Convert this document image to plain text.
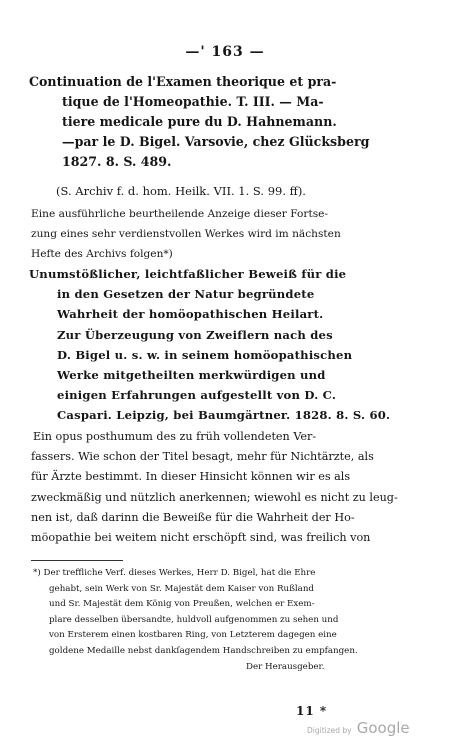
—' 163 —
Continuation de l'Examen theorique et pra-
tique de l'Homeopathie. T. III. — Ma-
tiere medicale pure du D. Hahnemann.
—par le D. Bigel. Varsovie, chez Glücksberg
1827. 8. S. 489.
(S. Archiv f. d. hom. Heilk. VII. 1. S. 99. ff).
Eine ausführliche beurtheilende Anzeige dieser Fortse-
zung eines sehr verdienstvollen Werkes wird im nächsten
Hefte des Archivs folgen*)
Unumstößlicher, leichtfaßlicher Beweiß für die
in den Gesetzen der Natur begründete
Wahrheit der homöopathischen Heilart.
Zur Überzeugung von Zweiflern nach des
D. Bigel u. s. w. in seinem homöopathischen
Werke mitgetheilten merkwürdigen und
einigen Erfahrungen aufgestellt von D. C.
Caspari. Leipzig, bei Baumgärtner. 1828. 8. S. 60.
Ein opus posthumum des zu früh vollendeten Ver-
fassers. Wie schon der Titel besagt, mehr für Nichtärzte, als
für Ärzte bestimmt. In dieser Hinsicht können wir es als
zweckmäßig und nützlich anerkennen; wiewohl es nicht zu leug-
nen ist, daß darinn die Beweiße für die Wahrheit der Ho-
möopathie bei weitem nicht erschöpft sind, was freilich von
*) Der treffliche Verf. dieses Werkes, Herr D. Bigel, hat die Ehre
gehabt, sein Werk von Sr. Majestät dem Kaiser von Rußland
und Sr. Majestät dem König von Preußen, welchen er Exem-
plare desselben übersandte, huldvoll aufgenommen zu sehen und
von Ersterem einen kostbaren Ring, von Letzterem dagegen eine
goldene Medaille nebst dankſagendem Handschreiben zu empfangen.
Der Herausgeber.
11 *
Digitized by Google
